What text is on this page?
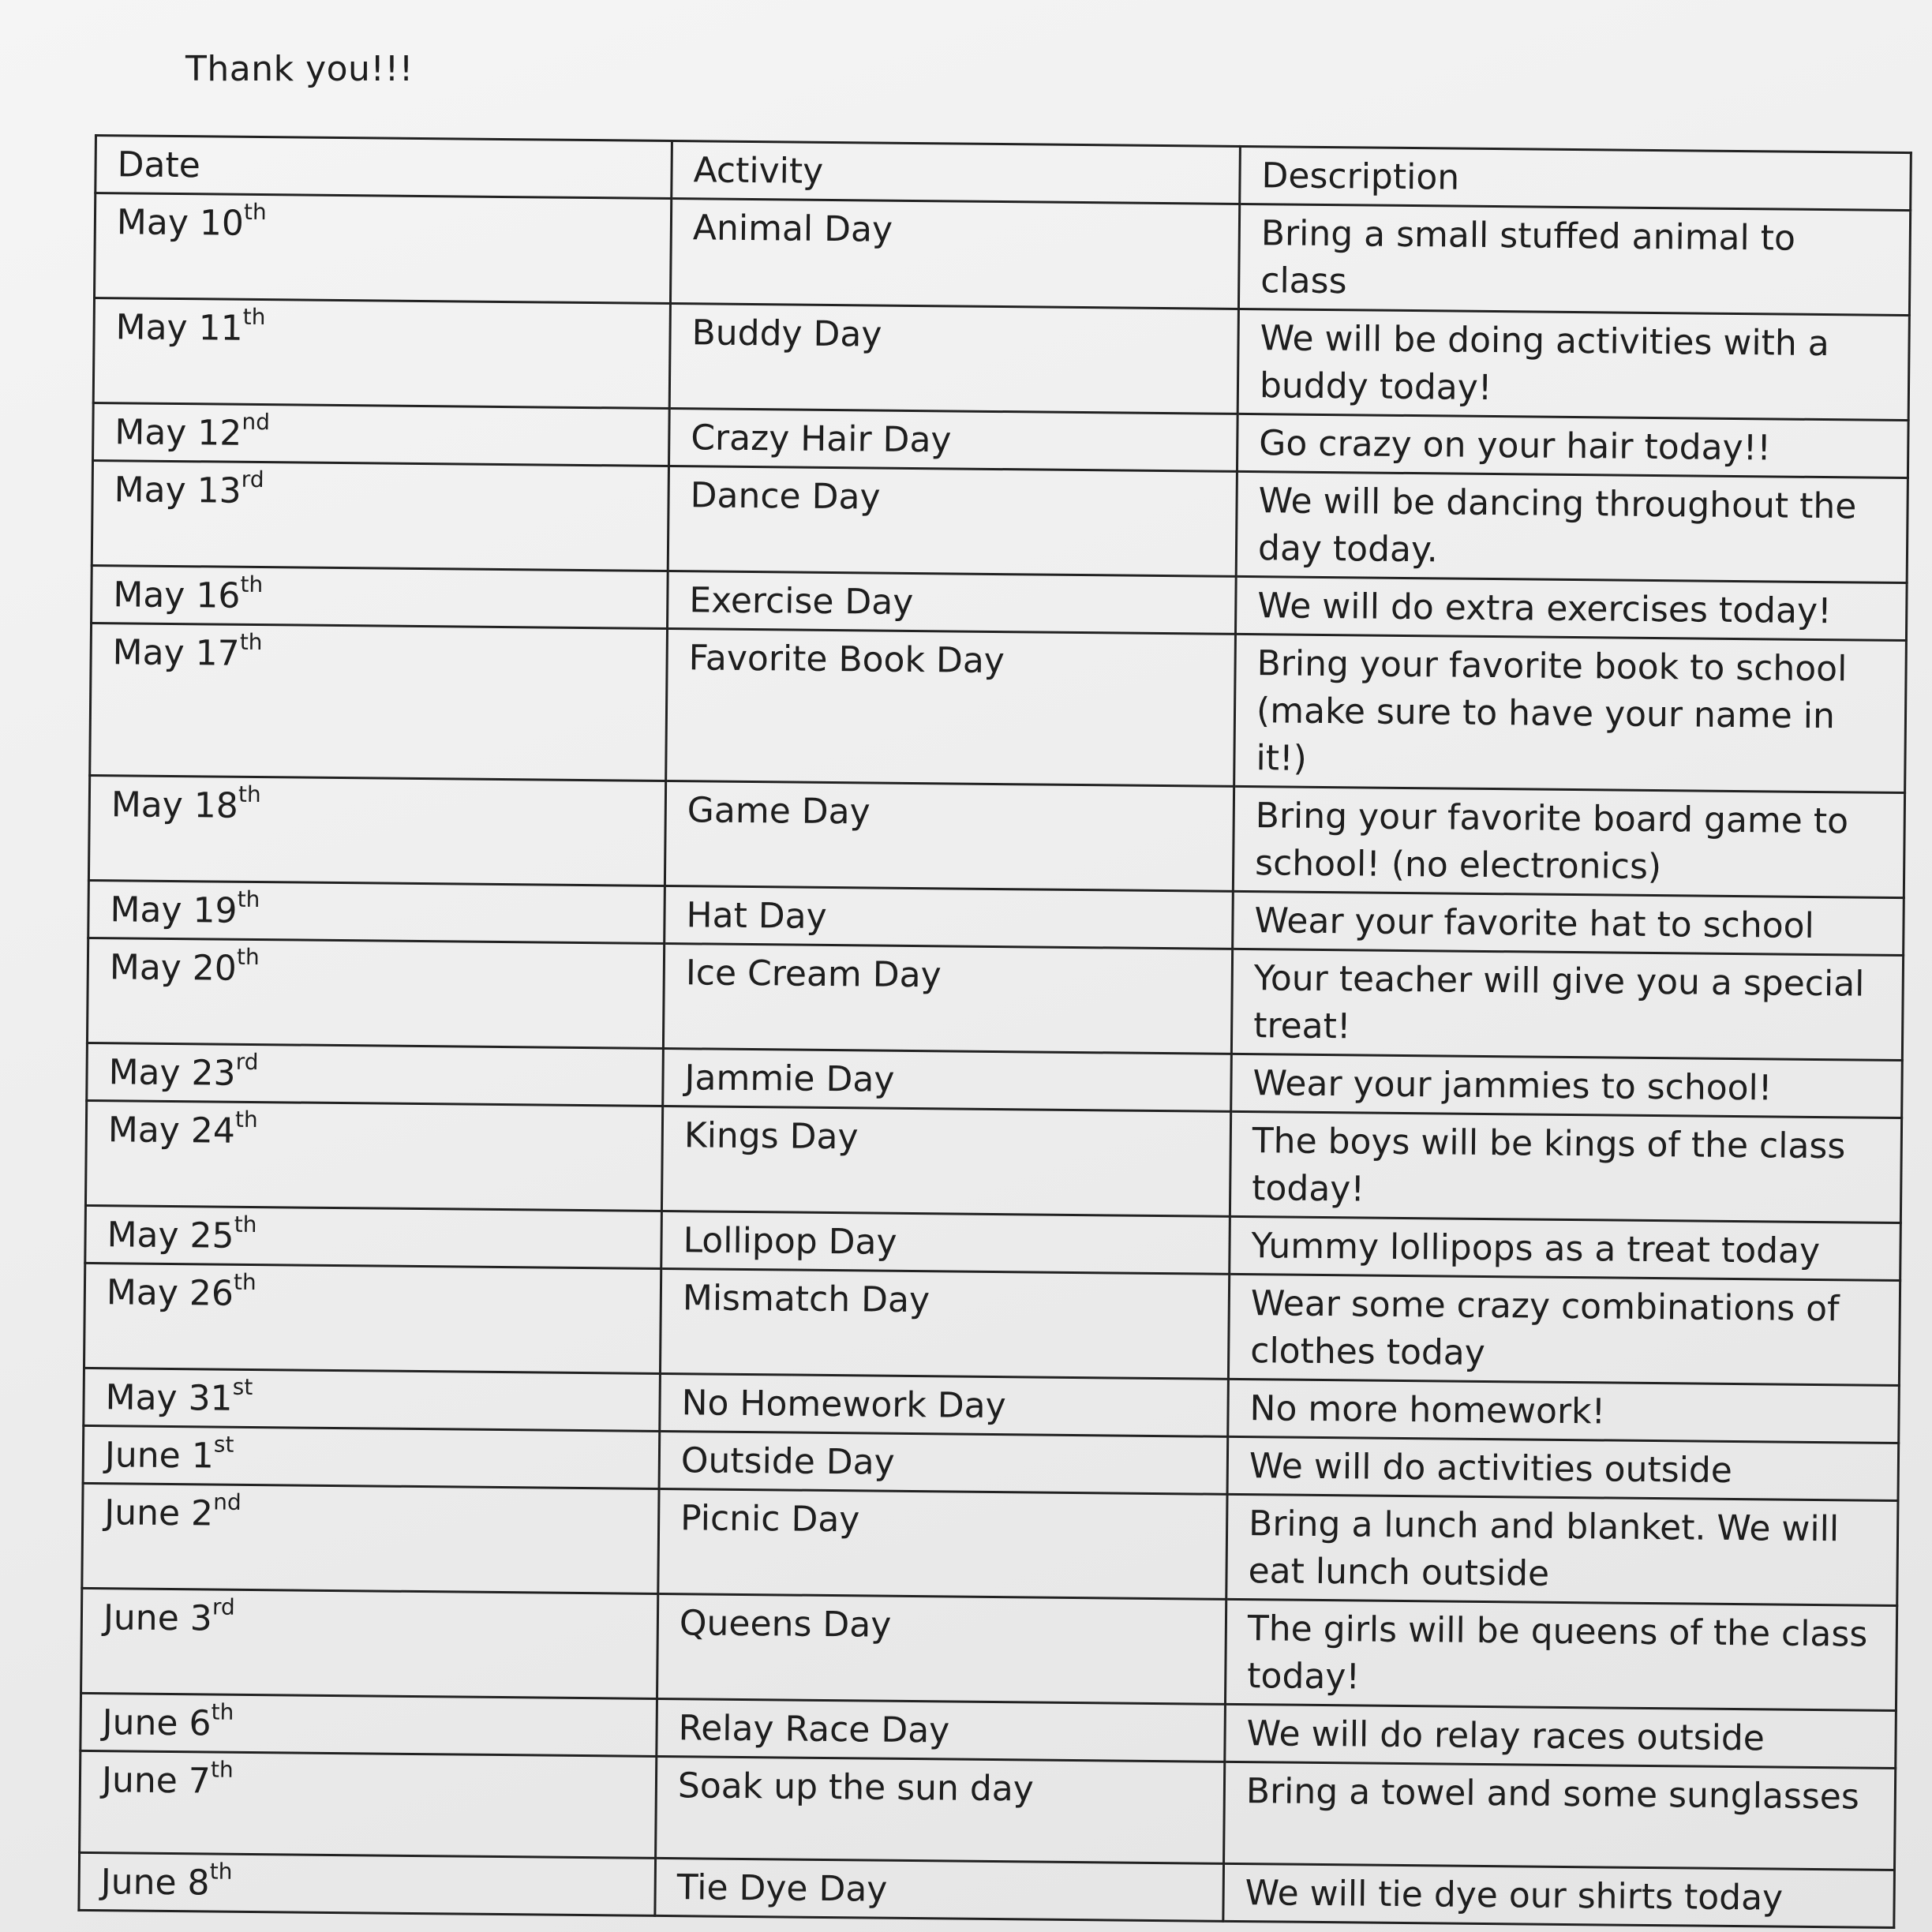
Thank you!!!
Date	Activity	Description
May 10th	Animal Day	Bring a small stuffed animal to class
May 11th	Buddy Day	We will be doing activities with a buddy today!
May 12nd	Crazy Hair Day	Go crazy on your hair today!!
May 13rd	Dance Day	We will be dancing throughout the day today.
May 16th	Exercise Day	We will do extra exercises today!
May 17th	Favorite Book Day	Bring your favorite book to school (make sure to have your name in it!)
May 18th	Game Day	Bring your favorite board game to school! (no electronics)
May 19th	Hat Day	Wear your favorite hat to school
May 20th	Ice Cream Day	Your teacher will give you a special treat!
May 23rd	Jammie Day	Wear your jammies to school!
May 24th	Kings Day	The boys will be kings of the class today!
May 25th	Lollipop Day	Yummy lollipops as a treat today
May 26th	Mismatch Day	Wear some crazy combinations of clothes today
May 31st	No Homework Day	No more homework!
June 1st	Outside Day	We will do activities outside
June 2nd	Picnic Day	Bring a lunch and blanket. We will eat lunch outside
June 3rd	Queens Day	The girls will be queens of the class today!
June 6th	Relay Race Day	We will do relay races outside
June 7th	Soak up the sun day	Bring a towel and some sunglasses
June 8th	Tie Dye Day	We will tie dye our shirts today
